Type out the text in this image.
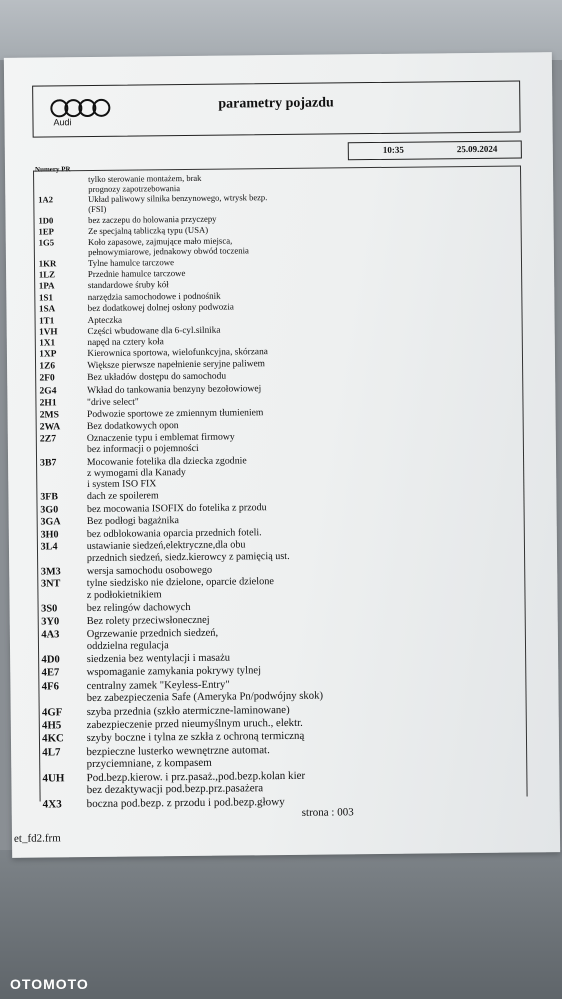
Audi
parametry pojazdu
10:35	25.09.2024
Numery PR
tylko sterowanie montażem, brak
prognozy zapotrzebowania
1A2	Układ paliwowy silnika benzynowego, wtrysk bezp.
(FSI)
1D0	bez zaczepu do holowania przyczepy
1EP	Ze specjalną tabliczką typu (USA)
1G5	Koło zapasowe, zajmujące mało miejsca,
pełnowymiarowe, jednakowy obwód toczenia
1KR	Tylne hamulce tarczowe
1LZ	Przednie hamulce tarczowe
1PA	standardowe śruby kół
1S1	narzędzia samochodowe i podnośnik
1SA	bez dodatkowej dolnej osłony podwozia
1T1	Apteczka
1VH	Części wbudowane dla 6-cyl.silnika
1X1	napęd na cztery koła
1XP	Kierownica sportowa, wielofunkcyjna, skórzana
1Z6	Większe pierwsze napełnienie seryjne paliwem
2F0	Bez układów dostępu do samochodu
2G4	Wkład do tankowania benzyny bezołowiowej
2H1	"drive select"
2MS	Podwozie sportowe ze zmiennym tłumieniem
2WA	Bez dodatkowych opon
2Z7	Oznaczenie typu i emblemat firmowy
bez informacji o pojemności
3B7	Mocowanie fotelika dla dziecka zgodnie
z wymogami dla Kanady
i system ISO FIX
3FB	dach ze spoilerem
3G0	bez mocowania ISOFIX do fotelika z przodu
3GA	Bez podłogi bagażnika
3H0	bez odblokowania oparcia przednich foteli.
3L4	ustawianie siedzeń,elektryczne,dla obu
przednich siedzeń, siedz.kierowcy z pamięcią ust.
3M3	wersja samochodu osobowego
3NT	tylne siedzisko nie dzielone, oparcie dzielone
z podłokietnikiem
3S0	bez relingów dachowych
3Y0	Bez rolety przeciwsłonecznej
4A3	Ogrzewanie przednich siedzeń,
oddzielna regulacja
4D0	siedzenia bez wentylacji i masażu
4E7	wspomaganie zamykania pokrywy tylnej
4F6	centralny zamek "Keyless-Entry"
bez zabezpieczenia Safe (Ameryka Pn/podwójny skok)
4GF szyba przednia (szkło atermiczne-laminowane)
4H5 zabezpieczenie przed nieumyślnym uruch., elektr.
4KC szyby boczne i tylna ze szkła z ochroną termiczną
4L7 bezpieczne lusterko wewnętrzne automat.
przyciemniane, z kompasem
4UH Pod.bezp.kierow. i prz.pasaż.,pod.bezp.kolan kier
bez dezaktywacji pod.bezp.prz.pasażera
4X3 boczna pod.bezp. z przodu i pod.bezp.głowy
strona : 003
et_fd2.frm
OTOMOTO
